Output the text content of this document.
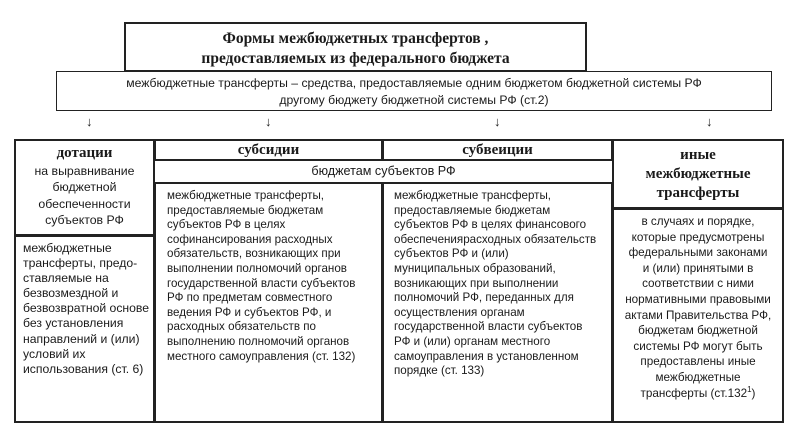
Формы межбюджетных трансфертов ,
предоставляемых из федерального бюджета
межбюджетные трансферты – средства, предоставляемые одним бюджетом бюджетной системы РФ
другому бюджету бюджетной системы РФ (ст.2)
↓	↓	↓	↓
дотации
на выравнивание
бюджетной
обеспеченности
субъектов РФ
межбюджетные
трансферты, предо-
ставляемые на
безвозмездной и
безвозвратной основе
без установления
направлений и (или)
условий их
использования (ст. 6)
субсидии	субвеиции
бюджетам субъектов РФ
межбюджетные трансферты,
предоставляемые бюджетам
субъектов РФ в целях
софинансирования расходных
обязательств, возникающих при
выполнении полномочий органов
государственной власти субъектов
РФ по предметам совместного
ведения РФ и субъектов РФ, и
расходных обязательств по
выполнению полномочий органов
местного самоуправления (ст. 132)
межбюджетные трансферты,
предоставляемые бюджетам
субъектов РФ в целях финансового
обеспечениярасходных обязательств
субъектов РФ и (или)
муниципальных образований,
возникающих при выполнении
полномочий РФ, переданных для
осуществления органам
государственной власти субъектов
РФ и (или) органам местного
самоуправления в установленном
порядке (ст. 133)
иные
межбюджетные
трансферты
в случаях и порядке,
которые предусмотрены
федеральными законами
и (или) принятыми в
соответствии с ними
нормативными правовыми
актами Правительства РФ,
бюджетам бюджетной
системы РФ могут быть
предоставлены иные
межбюджетные
трансферты (ст.132$^1$)
